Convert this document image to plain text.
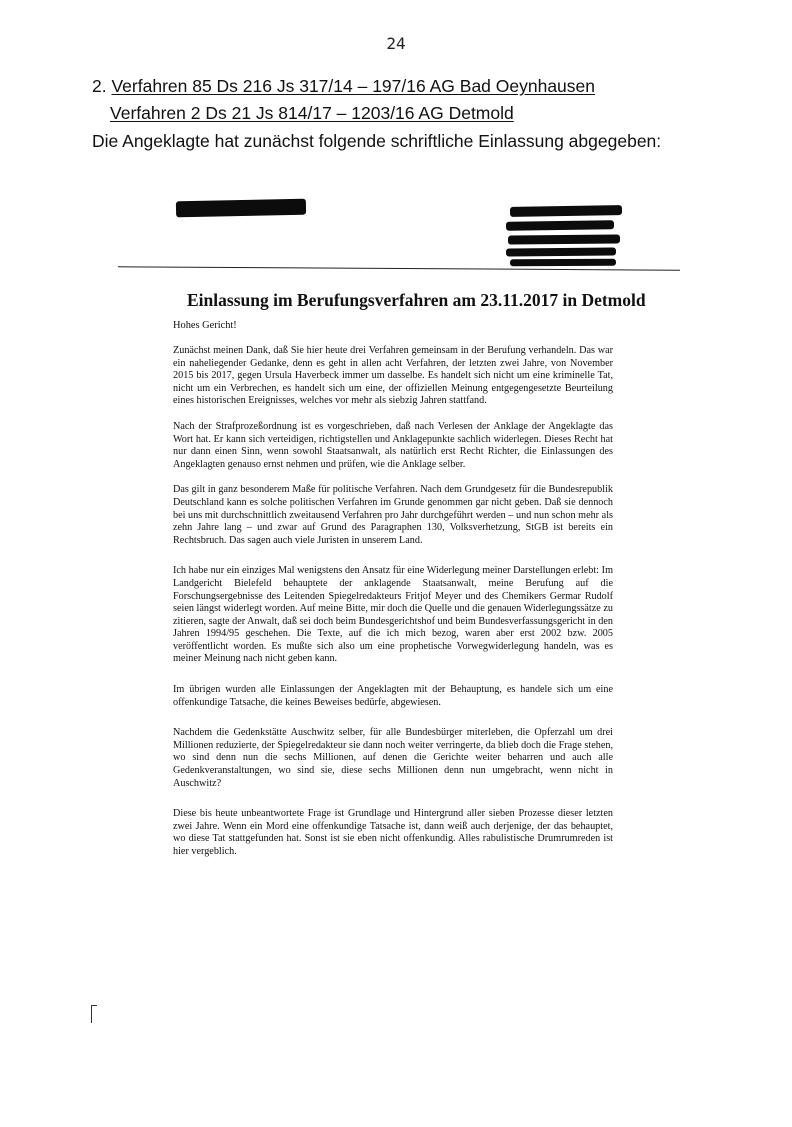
24
2. Verfahren 85 Ds 216 Js 317/14 – 197/16 AG Bad Oeynhausen
Verfahren 2 Ds 21 Js 814/17 – 1203/16 AG Detmold
Die Angeklagte hat zunächst folgende schriftliche Einlassung abgegeben:
Einlassung im Berufungsverfahren am 23.11.2017 in Detmold
Hohes Gericht!

Zunächst meinen Dank, daß Sie hier heute drei Verfahren gemeinsam in der Berufung verhandeln. Das war ein naheliegender Gedanke, denn es geht in allen acht Verfahren, der letzten zwei Jahre, von November 2015 bis 2017, gegen Ursula Haverbeck immer um dasselbe. Es handelt sich nicht um eine kriminelle Tat, nicht um ein Verbrechen, es handelt sich um eine, der offiziellen Meinung entgegengesetzte Beurteilung eines historischen Ereignisses, welches vor mehr als siebzig Jahren stattfand.

Nach der Strafprozeßordnung ist es vorgeschrieben, daß nach Verlesen der Anklage der Angeklagte das Wort hat. Er kann sich verteidigen, richtigstellen und Anklagepunkte sachlich widerlegen. Dieses Recht hat nur dann einen Sinn, wenn sowohl Staatsanwalt, als natürlich erst Recht Richter, die Einlassungen des Angeklagten genauso ernst nehmen und prüfen, wie die Anklage selber.

Das gilt in ganz besonderem Maße für politische Verfahren. Nach dem Grundgesetz für die Bundesrepublik Deutschland kann es solche politischen Verfahren im Grunde genommen gar nicht geben. Daß sie dennoch bei uns mit durchschnittlich zweitausend Verfahren pro Jahr durchgeführt werden – und nun schon mehr als zehn Jahre lang – und zwar auf Grund des Paragraphen 130, Volksverhetzung, StGB ist bereits ein Rechtsbruch. Das sagen auch viele Juristen in unserem Land.

Ich habe nur ein einziges Mal wenigstens den Ansatz für eine Widerlegung meiner Darstellungen erlebt: Im Landgericht Bielefeld behauptete der anklagende Staatsanwalt, meine Berufung auf die Forschungsergebnisse des Leitenden Spiegelredakteurs Fritjof Meyer und des Chemikers Germar Rudolf seien längst widerlegt worden. Auf meine Bitte, mir doch die Quelle und die genauen Widerlegungssätze zu zitieren, sagte der Anwalt, daß sei doch beim Bundesgerichtshof und beim Bundesverfassungsgericht in den Jahren 1994/95 geschehen. Die Texte, auf die ich mich bezog, waren aber erst 2002 bzw. 2005 veröffentlicht worden. Es mußte sich also um eine prophetische Vorwegwiderlegung handeln, was es meiner Meinung nach nicht geben kann.

Im übrigen wurden alle Einlassungen der Angeklagten mit der Behauptung, es handele sich um eine offenkundige Tatsache, die keines Beweises bedürfe, abgewiesen.

Nachdem die Gedenkstätte Auschwitz selber, für alle Bundesbürger miterleben, die Opferzahl um drei Millionen reduzierte, der Spiegelredakteur sie dann noch weiter verringerte, da blieb doch die Frage stehen, wo sind denn nun die sechs Millionen, auf denen die Gerichte weiter beharren und auch alle Gedenkveranstaltungen, wo sind sie, diese sechs Millionen denn nun umgebracht, wenn nicht in Auschwitz?

Diese bis heute unbeantwortete Frage ist Grundlage und Hintergrund aller sieben Prozesse dieser letzten zwei Jahre. Wenn ein Mord eine offenkundige Tatsache ist, dann weiß auch derjenige, der das behauptet, wo diese Tat stattgefunden hat. Sonst ist sie eben nicht offenkundig. Alles rabulistische Drumrumreden ist hier vergeblich.
